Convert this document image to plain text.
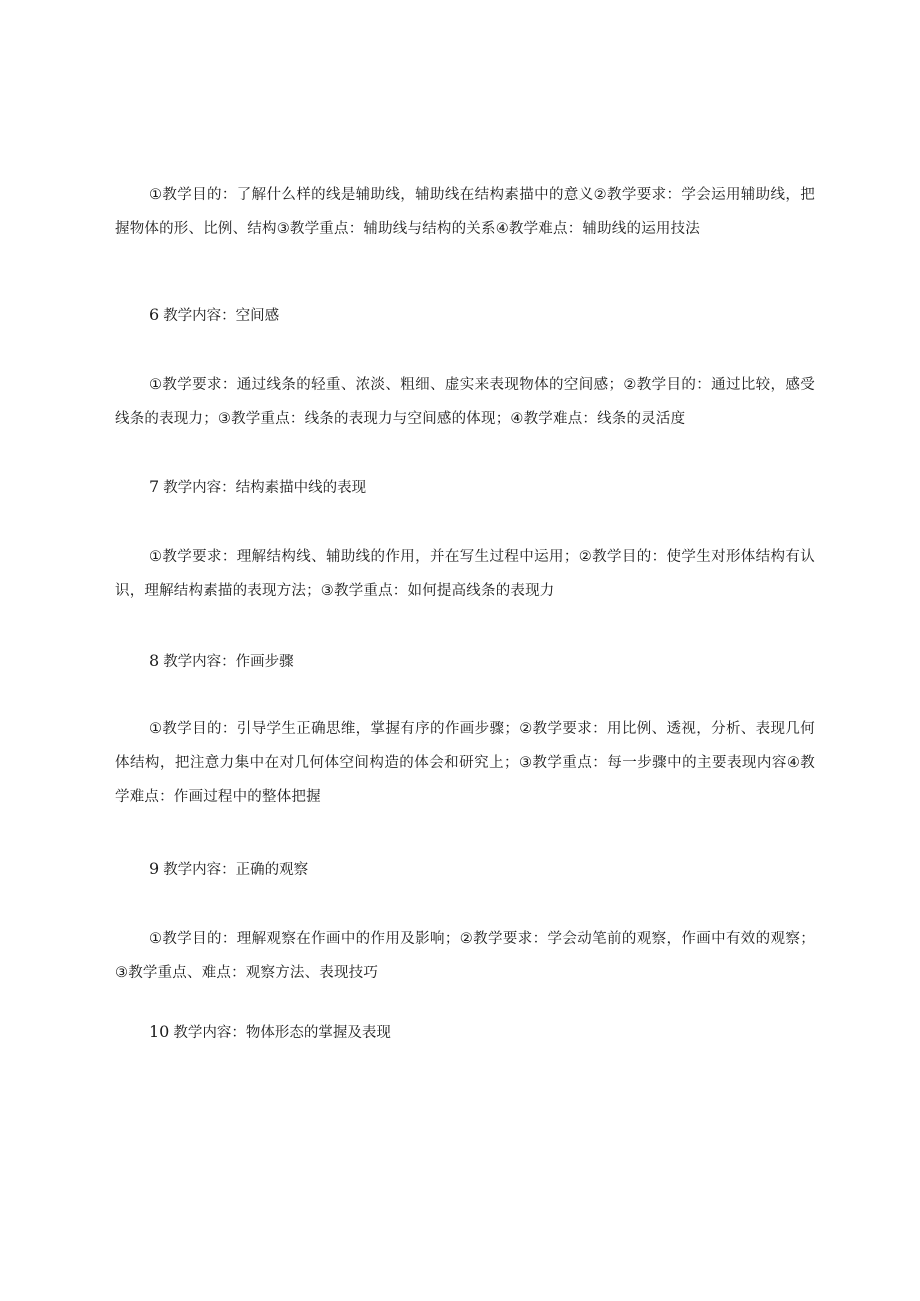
①教学目的：了解什么样的线是辅助线，辅助线在结构素描中的意义②教学要求：学会运用辅助线，把握物体的形、比例、结构③教学重点：辅助线与结构的关系④教学难点：辅助线的运用技法

6 教学内容：空间感

①教学要求：通过线条的轻重、浓淡、粗细、虚实来表现物体的空间感；②教学目的：通过比较，感受线条的表现力；③教学重点：线条的表现力与空间感的体现；④教学难点：线条的灵活度

7 教学内容：结构素描中线的表现

①教学要求：理解结构线、辅助线的作用，并在写生过程中运用；②教学目的：使学生对形体结构有认识，理解结构素描的表现方法；③教学重点：如何提高线条的表现力

8 教学内容：作画步骤

①教学目的：引导学生正确思维，掌握有序的作画步骤；②教学要求：用比例、透视，分析、表现几何体结构，把注意力集中在对几何体空间构造的体会和研究上；③教学重点：每一步骤中的主要表现内容④教学难点：作画过程中的整体把握

9 教学内容：正确的观察

①教学目的：理解观察在作画中的作用及影响；②教学要求：学会动笔前的观察，作画中有效的观察；③教学重点、难点：观察方法、表现技巧

10 教学内容：物体形态的掌握及表现
